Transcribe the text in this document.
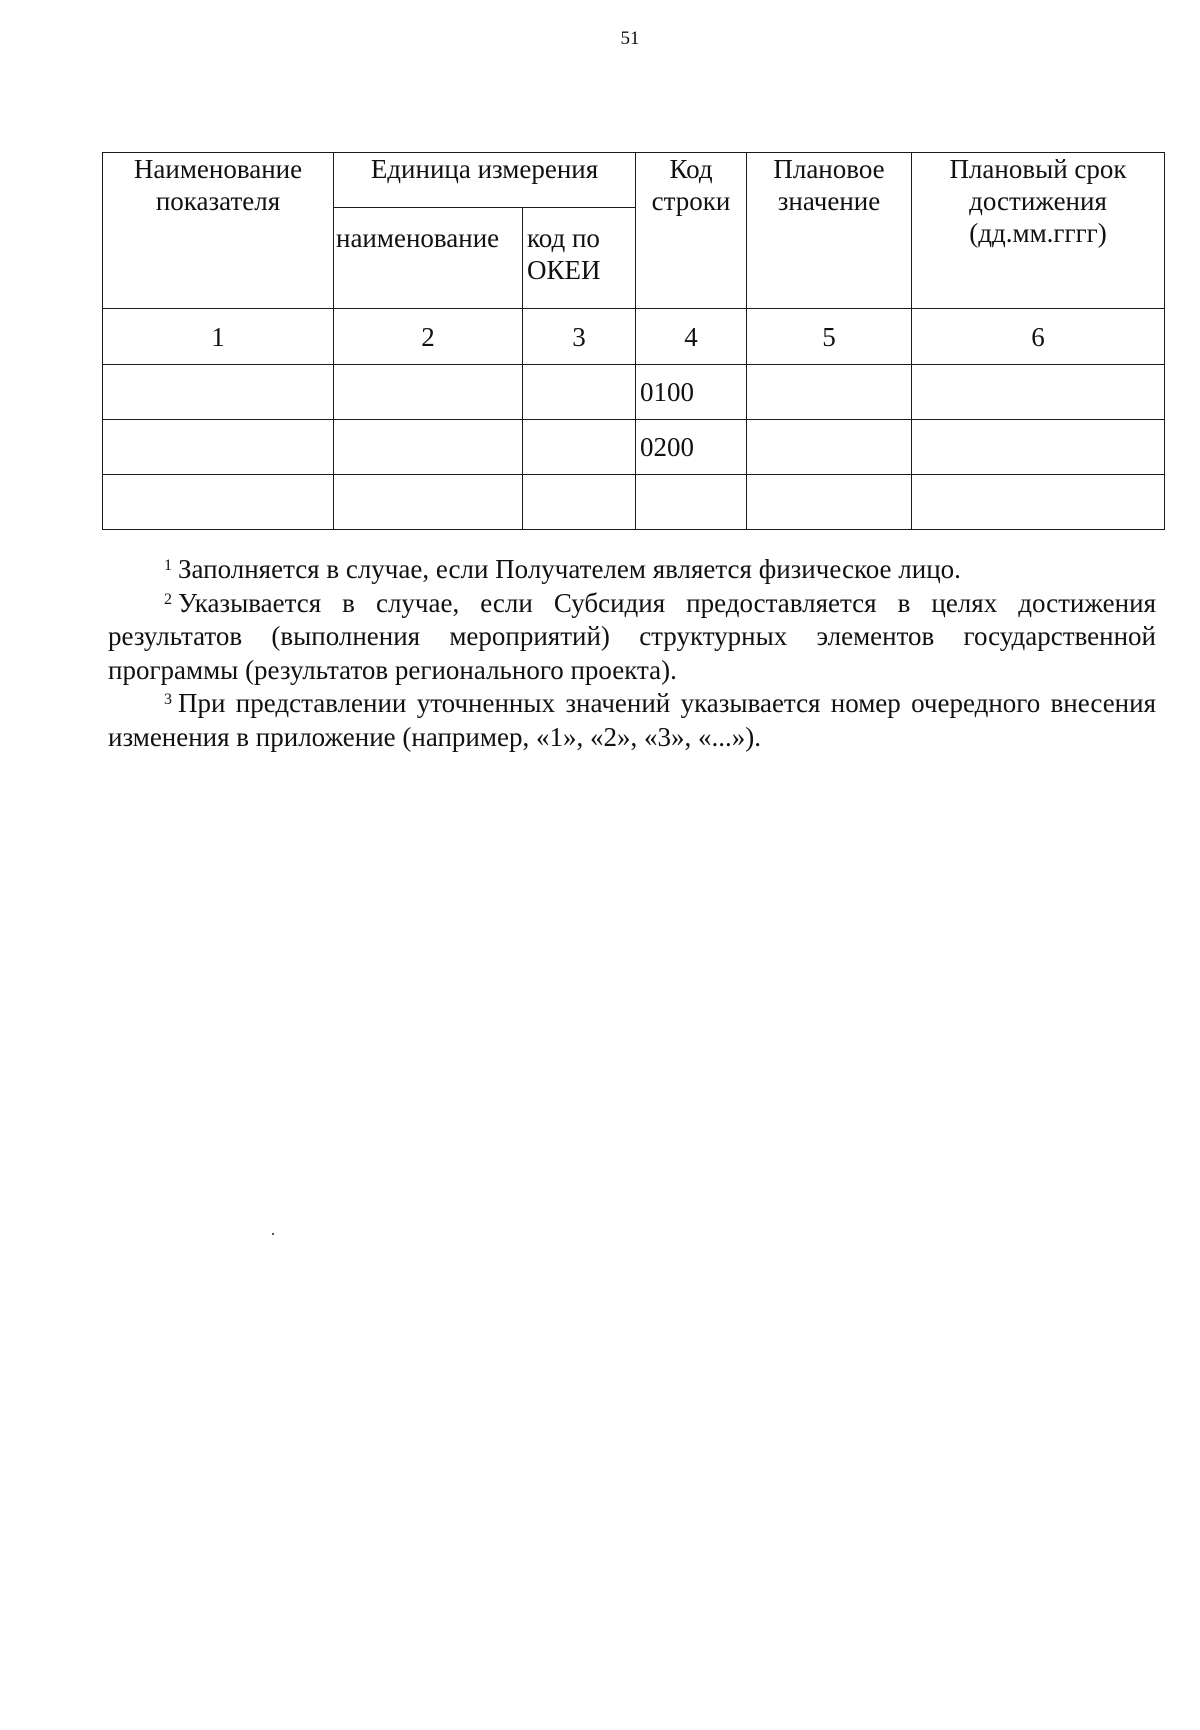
51
Наименование показателя	Единица измерения		Код строки	Плановое значение	Плановый срок достижения (дд.мм.гггг)
	наименование	код по ОКЕИ			
1	2	3	4	5	6
			0100		
			0200		

$^1$ Заполняется в случае, если Получателем является физическое лицо.

$^2$ Указывается в случае, если Субсидия предоставляется в целях достижения результатов (выполнения мероприятий) структурных элементов государственной программы (результатов регионального проекта).

$^3$ При представлении уточненных значений указывается номер очередного внесения изменения в приложение (например, «1», «2», «3», «...»).
